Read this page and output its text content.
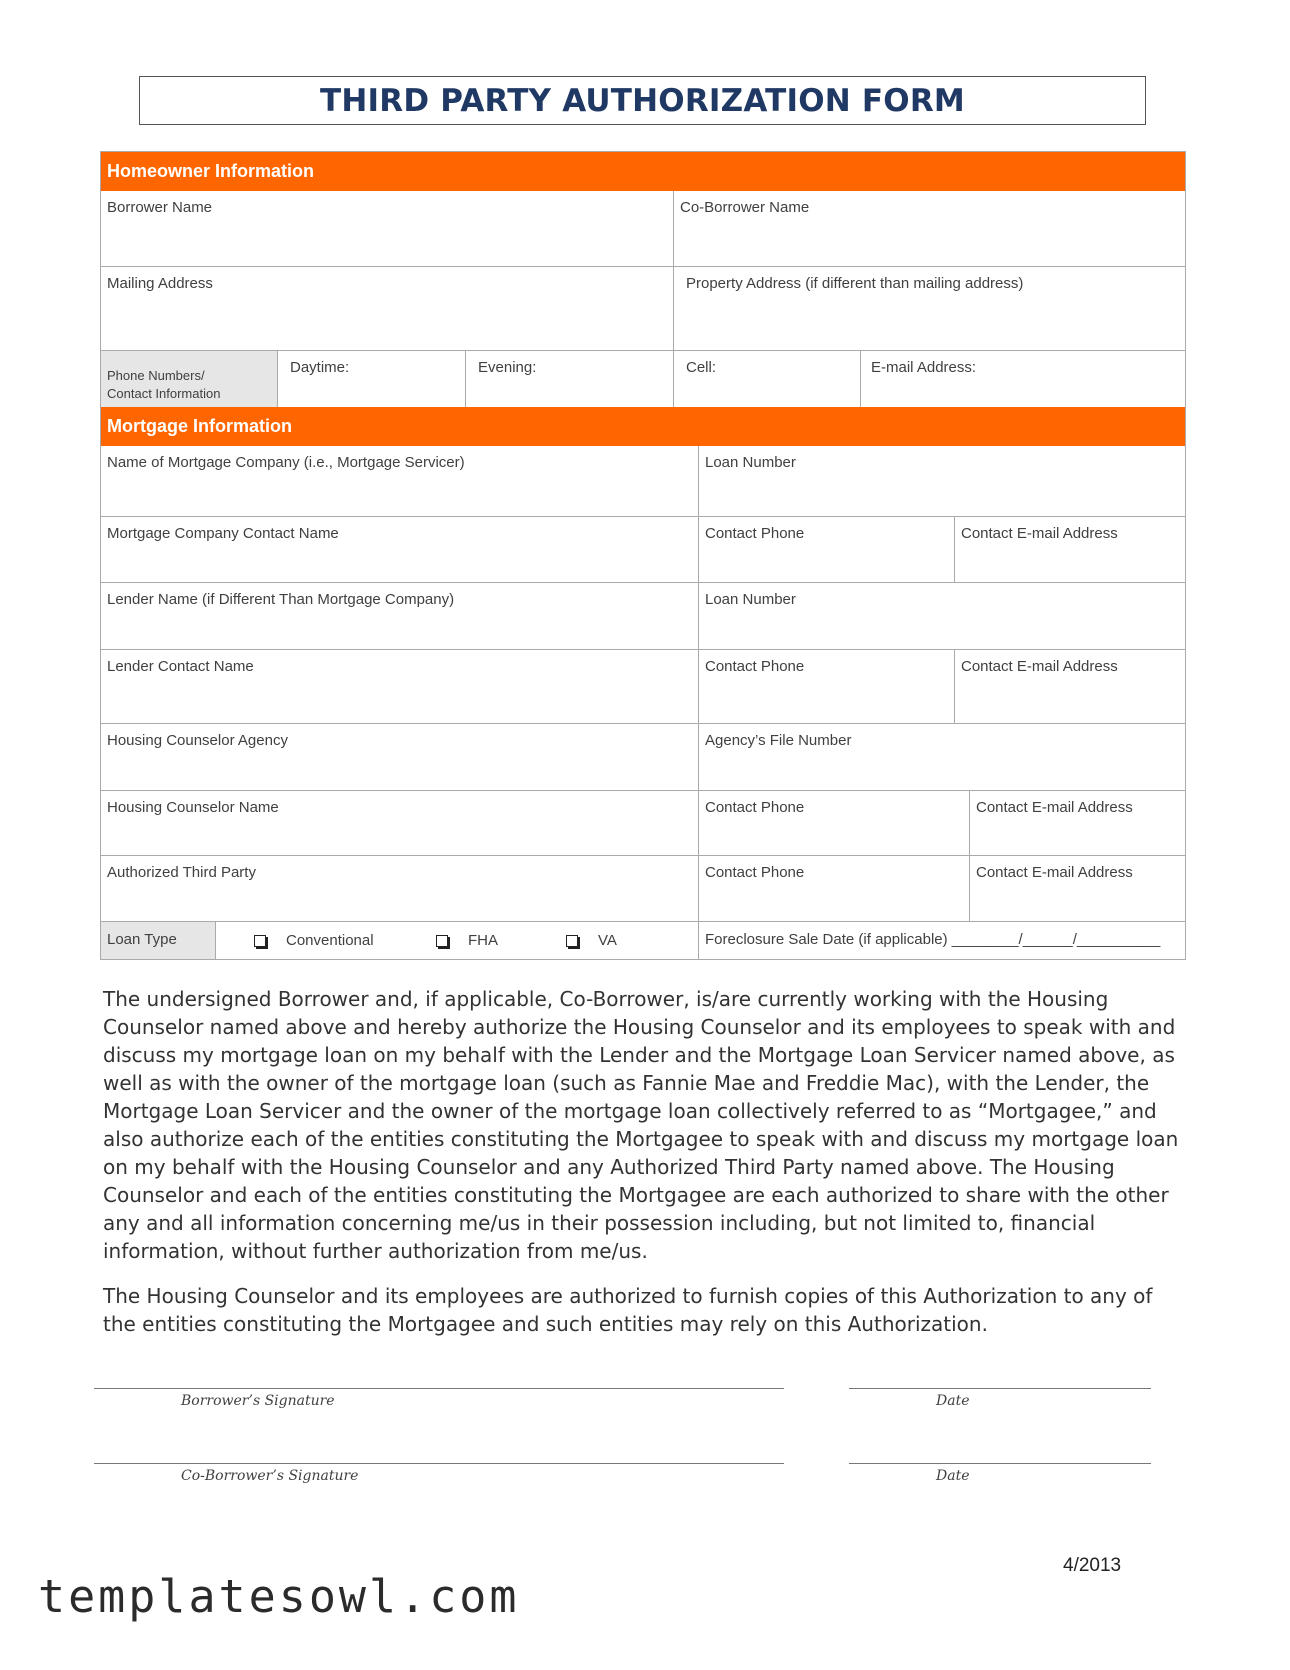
THIRD PARTY AUTHORIZATION FORM
Homeowner Information
Borrower Name	Co-Borrower Name
Mailing Address	Property Address (if different than mailing address)
Phone Numbers/
Contact Information
Daytime:	Evening:	Cell:	E-mail Address:
Mortgage Information
Name of Mortgage Company (i.e., Mortgage Servicer)	Loan Number
Mortgage Company Contact Name	Contact Phone	Contact E-mail Address
Lender Name (if Different Than Mortgage Company)	Loan Number
Lender Contact Name	Contact Phone	Contact E-mail Address
Housing Counselor Agency	Agency’s File Number
Housing Counselor Name	Contact Phone	Contact E-mail Address
Authorized Third Party	Contact Phone	Contact E-mail Address
Loan Type	Conventional	FHA	VA	Foreclosure Sale Date (if applicable) ________/______/__________
The undersigned Borrower and, if applicable, Co-Borrower, is/are currently working with the Housing Counselor named above and hereby authorize the Housing Counselor and its employees to speak with and discuss my mortgage loan on my behalf with the Lender and the Mortgage Loan Servicer named above, as well as with the owner of the mortgage loan (such as Fannie Mae and Freddie Mac), with the Lender, the Mortgage Loan Servicer and the owner of the mortgage loan collectively referred to as “Mortgagee,” and also authorize each of the entities constituting the Mortgagee to speak with and discuss my mortgage loan on my behalf with the Housing Counselor and any Authorized Third Party named above. The Housing Counselor and each of the entities constituting the Mortgagee are each authorized to share with the other any and all information concerning me/us in their possession including, but not limited to, financial information, without further authorization from me/us.
The Housing Counselor and its employees are authorized to furnish copies of this Authorization to any of the entities constituting the Mortgagee and such entities may rely on this Authorization.
Borrower’s Signature	Date
Co-Borrower’s Signature	Date
4/2013
templatesowl.com
